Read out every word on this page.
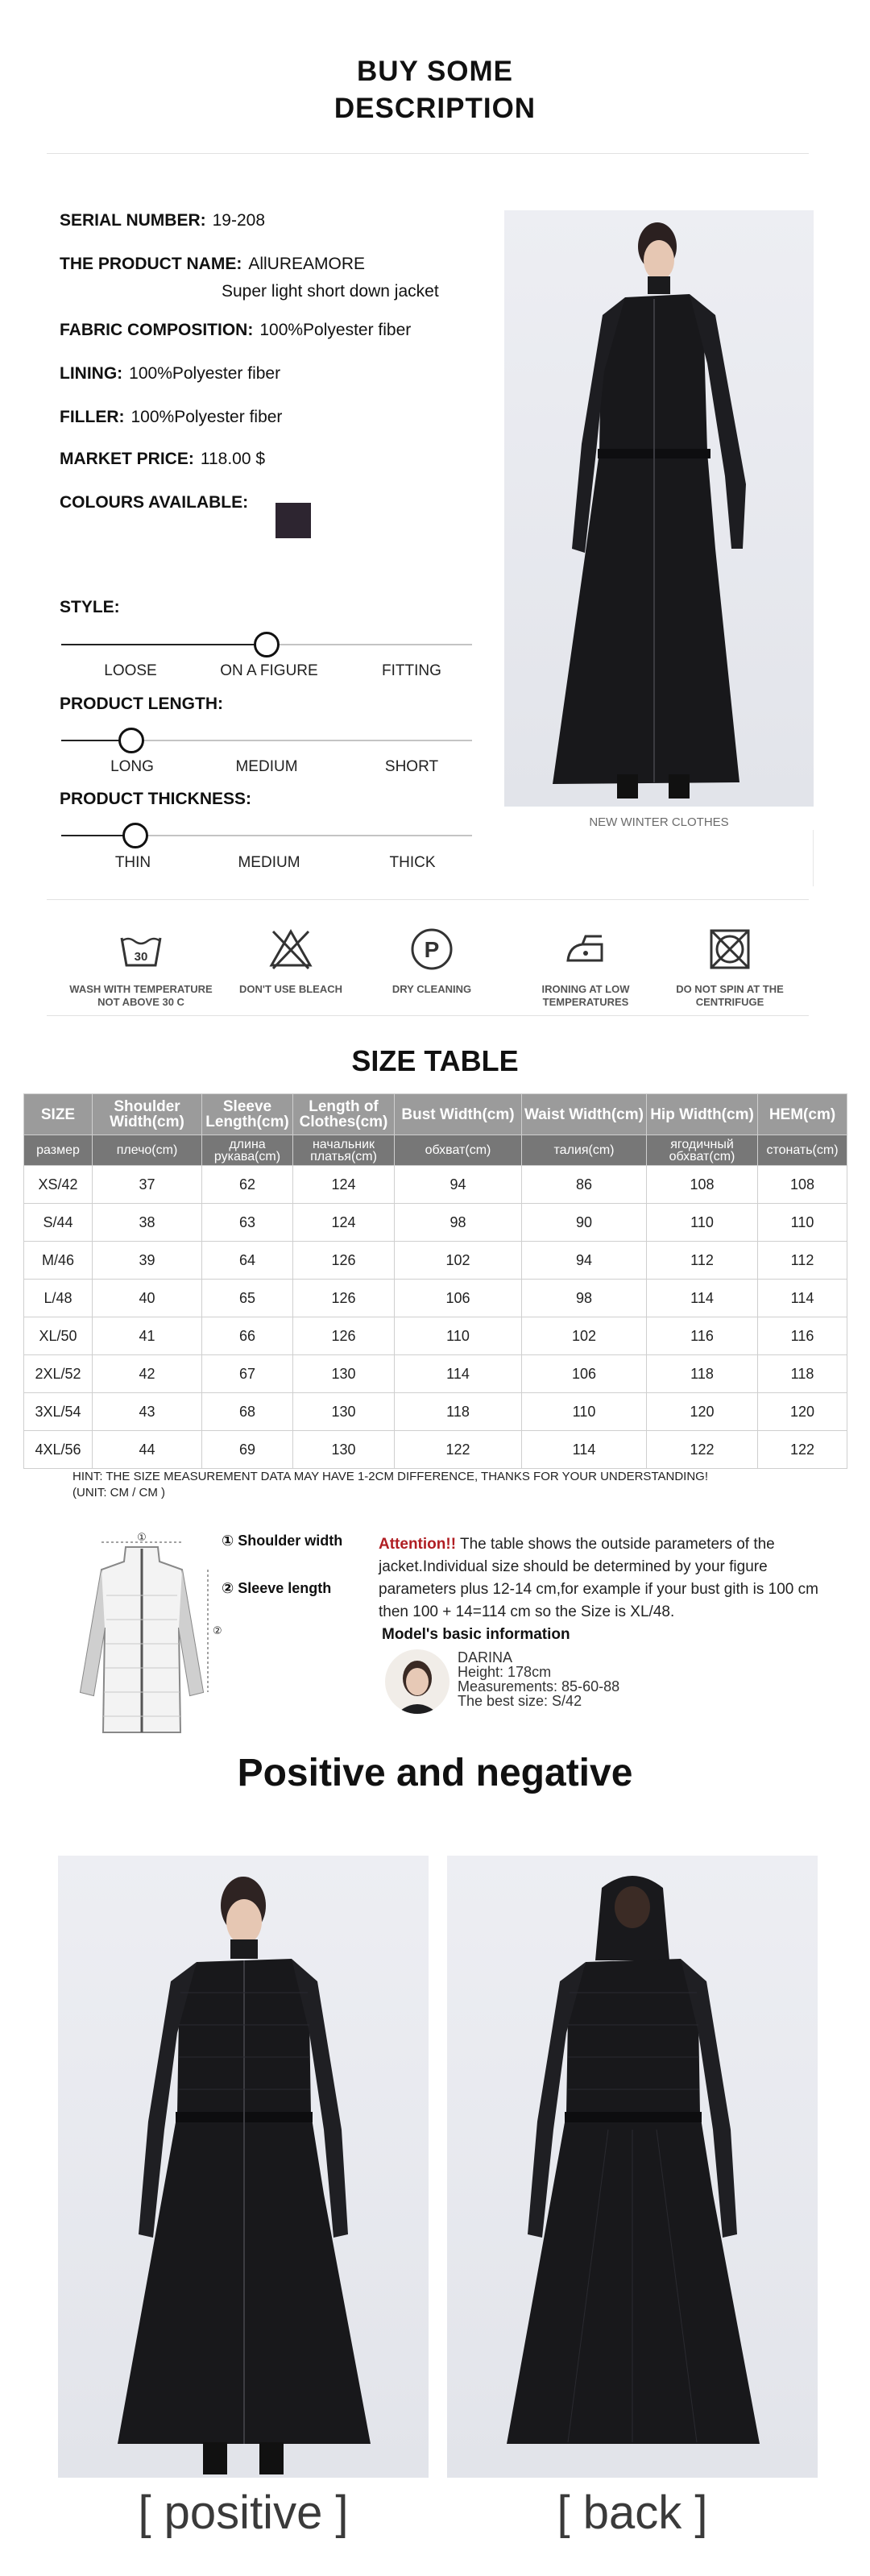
BUY SOME
DESCRIPTION
SERIAL NUMBER: 19-208
THE PRODUCT NAME: AllUREAMORE
Super light short down jacket
FABRIC COMPOSITION: 100%Polyester fiber
LINING: 100%Polyester fiber
FILLER: 100%Polyester fiber
MARKET PRICE: 118.00 $
COLOURS AVAILABLE:
STYLE:
LOOSE	ON A FIGURE	FITTING
PRODUCT LENGTH:
LONG	MEDIUM	SHORT
PRODUCT THICKNESS:
THIN	MEDIUM	THICK
NEW WINTER CLOTHES
30
WASH WITH TEMPERATURE NOT ABOVE 30 C
DON'T USE BLEACH
P
DRY CLEANING	IRONING AT LOW TEMPERATURES
DO NOT SPIN AT THE CENTRIFUGE
SIZE TABLE
SIZE	Shoulder Width(cm)	Sleeve Length(cm)	Length of Clothes(cm)	Bust Width(cm)	Waist Width(cm)	Hip Width(cm)	HEM(cm)
размер	плечо(cm)	длина рукава(cm)	начальник платья(cm)	обхват(cm)	талия(cm)	ягодичный обхват(cm)	стонать(cm)
XS/42	37	62	124	94	86	108	108
S/44	38	63	124	98	90	110	110
M/46	39	64	126	102	94	112	112
L/48	40	65	126	106	98	114	114
XL/50	41	66	126	110	102	116	116
2XL/52	42	67	130	114	106	118	118
3XL/54	43	68	130	118	110	120	120
4XL/56	44	69	130	122	114	122	122
HINT: THE SIZE MEASUREMENT DATA MAY HAVE 1-2CM DIFFERENCE, THANKS FOR YOUR UNDERSTANDING!
(UNIT: CM / CM )
①
②
① Shoulder width
② Sleeve length
Attention!! The table shows the outside parameters of the jacket.Individual size should be determined by your figure parameters plus 12-14 cm,for example if your bust gith is 100 cm then 100 + 14=114 cm so the Size is XL/48.
Model's basic information
DARINA
Height: 178cm
Measurements: 85-60-88
The best size: S/42
Positive and negative
[ positive ]	[ back ]
